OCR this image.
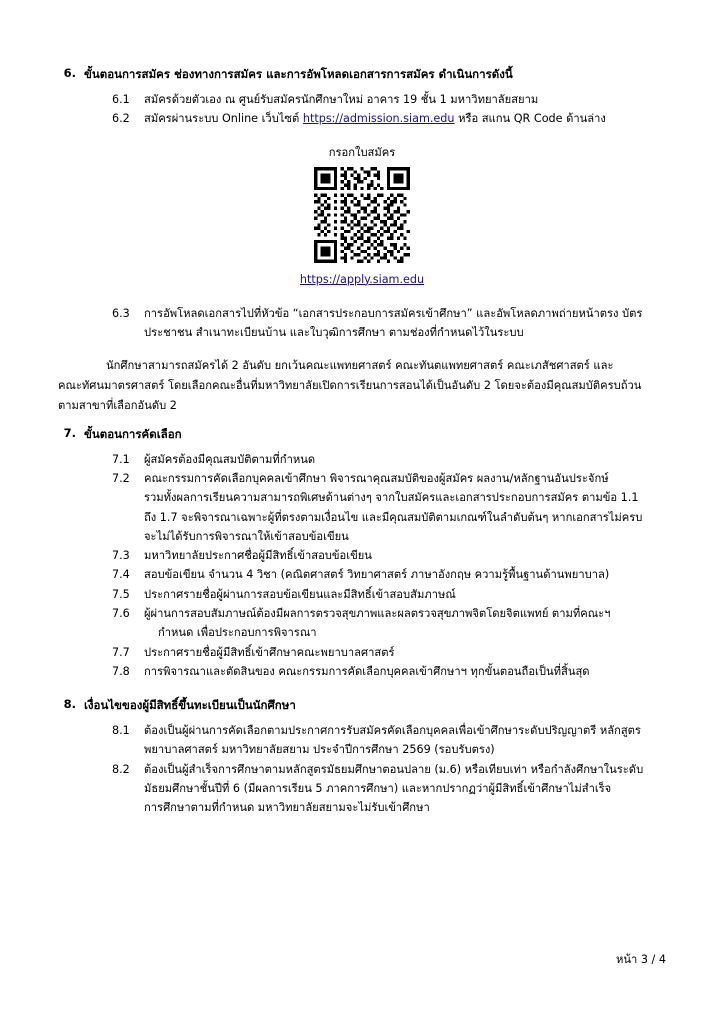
6. ขั้นตอนการสมัคร ช่องทางการสมัคร และการอัพโหลดเอกสารการสมัคร ดำเนินการดังนี้
6.1	สมัครด้วยตัวเอง ณ ศูนย์รับสมัครนักศึกษาใหม่ อาคาร 19 ชั้น 1 มหาวิทยาลัยสยาม
6.2	สมัครผ่านระบบ Online เว็บไซต์ https://admission.siam.edu หรือ สแกน QR Code ด้านล่าง
กรอกใบสมัคร
https://apply.siam.edu
6.3	การอัพโหลดเอกสารไปที่หัวข้อ “เอกสารประกอบการสมัครเข้าศึกษา” และอัพโหลดภาพถ่ายหน้าตรง บัตร
ประชาชน สำเนาทะเบียนบ้าน และใบวุฒิการศึกษา ตามช่องที่กำหนดไว้ในระบบ
นักศึกษาสามารถสมัครได้ 2 อันดับ ยกเว้นคณะแพทยศาสตร์ คณะทันตแพทยศาสตร์ คณะเภสัชศาสตร์ และ
คณะทัศนมาตรศาสตร์ โดยเลือกคณะอื่นที่มหาวิทยาลัยเปิดการเรียนการสอนได้เป็นอันดับ 2 โดยจะต้องมีคุณสมบัติครบถ้วน
ตามสาขาที่เลือกอันดับ 2
7. ขั้นตอนการคัดเลือก
7.1	ผู้สมัครต้องมีคุณสมบัติตามที่กำหนด
7.2	คณะกรรมการคัดเลือกบุคคลเข้าศึกษา พิจารณาคุณสมบัติของผู้สมัคร ผลงาน/หลักฐานอันประจักษ์
รวมทั้งผลการเรียนความสามารถพิเศษด้านต่างๆ จากใบสมัครและเอกสารประกอบการสมัคร ตามข้อ 1.1
ถึง 1.7 จะพิจารณาเฉพาะผู้ที่ตรงตามเงื่อนไข และมีคุณสมบัติตามเกณฑ์ในลำดับต้นๆ หากเอกสารไม่ครบ
จะไม่ได้รับการพิจารณาให้เข้าสอบข้อเขียน
7.3	มหาวิทยาลัยประกาศชื่อผู้มีสิทธิ์เข้าสอบข้อเขียน
7.4	สอบข้อเขียน จำนวน 4 วิชา (คณิตศาสตร์ วิทยาศาสตร์ ภาษาอังกฤษ ความรู้พื้นฐานด้านพยาบาล)
7.5	ประกาศรายชื่อผู้ผ่านการสอบข้อเขียนและมีสิทธิ์เข้าสอบสัมภาษณ์
7.6	ผู้ผ่านการสอบสัมภาษณ์ต้องมีผลการตรวจสุขภาพและผลตรวจสุขภาพจิตโดยจิตแพทย์ ตามที่คณะฯ
กำหนด เพื่อประกอบการพิจารณา
7.7	ประกาศรายชื่อผู้มีสิทธิ์เข้าศึกษาคณะพยาบาลศาสตร์
7.8	การพิจารณาและตัดสินของ คณะกรรมการคัดเลือกบุคคลเข้าศึกษาฯ ทุกขั้นตอนถือเป็นที่สิ้นสุด
8. เงื่อนไขของผู้มีสิทธิ์ขึ้นทะเบียนเป็นนักศึกษา
8.1	ต้องเป็นผู้ผ่านการคัดเลือกตามประกาศการรับสมัครคัดเลือกบุคคลเพื่อเข้าศึกษาระดับปริญญาตรี หลักสูตร
พยาบาลศาสตร์ มหาวิทยาลัยสยาม ประจำปีการศึกษา 2569 (รอบรับตรง)
8.2	ต้องเป็นผู้สำเร็จการศึกษาตามหลักสูตรมัธยมศึกษาตอนปลาย (ม.6) หรือเทียบเท่า หรือกำลังศึกษาในระดับ
มัธยมศึกษาชั้นปีที่ 6 (มีผลการเรียน 5 ภาคการศึกษา) และหากปรากฏว่าผู้มีสิทธิ์เข้าศึกษาไม่สำเร็จ
การศึกษาตามที่กำหนด มหาวิทยาลัยสยามจะไม่รับเข้าศึกษา
หน้า 3 / 4
